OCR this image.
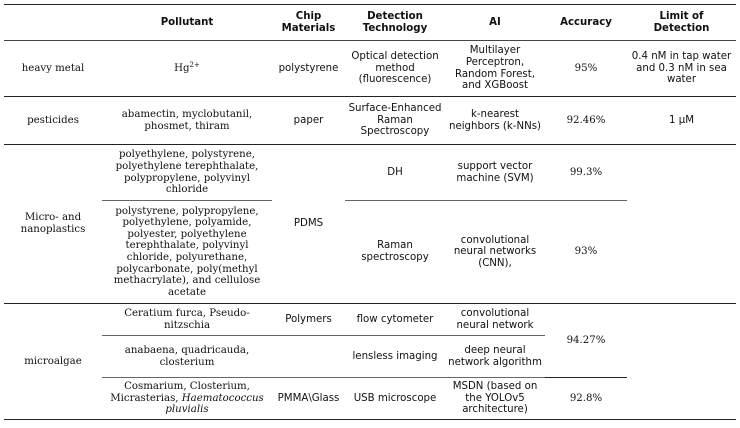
	Pollutant	Chip Materials	Detection Technology	AI	Accuracy	Limit of Detection
heavy metal	$Hg^{2+}$	polystyrene	Optical detection method (fluorescence)	Multilayer Perceptron, Random Forest, and XGBoost	95%	0.4 nM in tap water and 0.3 nM in sea water
pesticides	abamectin, myclobutanil, phosmet, thiram	paper	Surface-Enhanced Raman Spectroscopy	k-nearest neighbors (k-NNs)	92.46%	1 μM
Micro- and nanoplastics	polyethylene, polystyrene, polyethylene terephthalate, polypropylene, polyvinyl chloride	PDMS	DH	support vector machine (SVM)	99.3%	
	polystyrene, polypropylene, polyethylene, polyamide, polyester, polyethylene terephthalate, polyvinyl chloride, polyurethane, polycarbonate, poly(methyl methacrylate), and cellulose acetate		Raman spectroscopy	convolutional neural networks (CNN),	93%	
microalgae	Ceratium furca, Pseudo-nitzschia	Polymers	flow cytometer	convolutional neural network	94.27%	
	anabaena, quadricauda, closterium		lensless imaging	deep neural network algorithm		
	Cosmarium, Closterium, Micrasterias, Haematococcus pluvialis	PMMA\Glass	USB microscope	MSDN (based on the YOLOv5 architecture)	92.8%	
